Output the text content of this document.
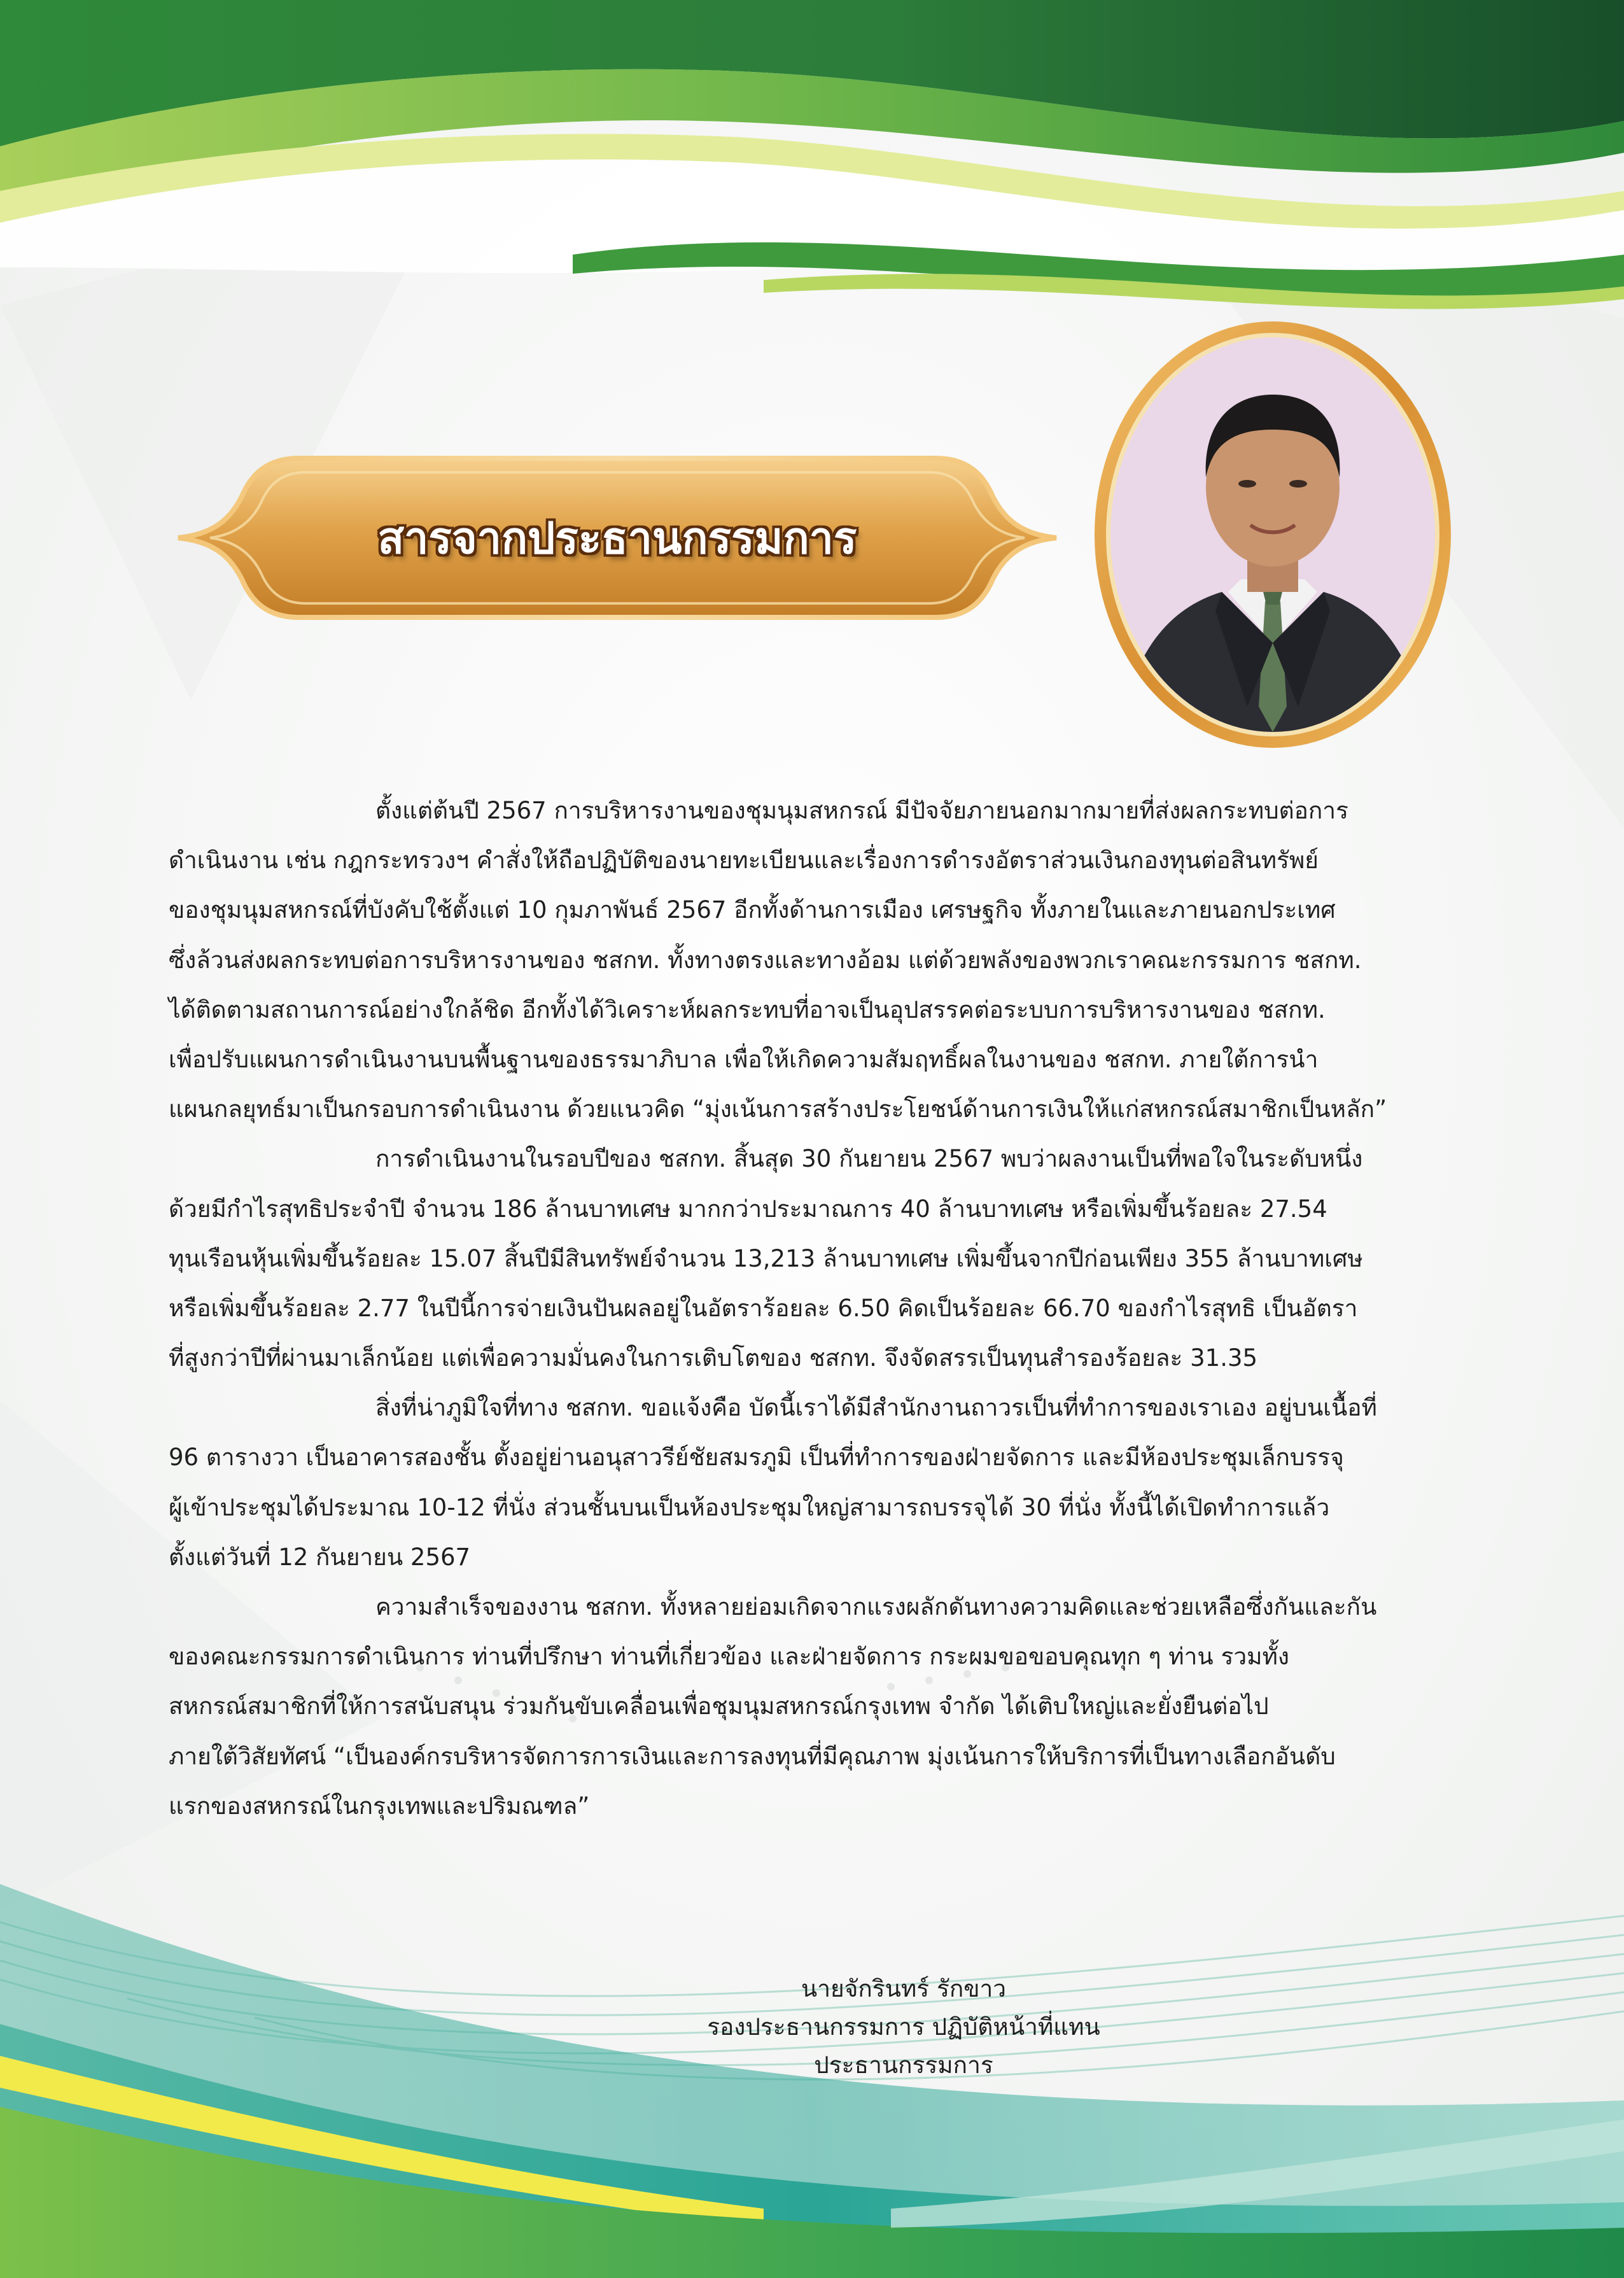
สารจากประธานกรรมการ
ตั้งแต่ต้นปี 2567 การบริหารงานของชุมนุมสหกรณ์ มีปัจจัยภายนอกมากมายที่ส่งผลกระทบต่อการ
ดำเนินงาน เช่น กฎกระทรวงฯ คำสั่งให้ถือปฏิบัติของนายทะเบียนและเรื่องการดำรงอัตราส่วนเงินกองทุนต่อสินทรัพย์
ของชุมนุมสหกรณ์ที่บังคับใช้ตั้งแต่ 10 กุมภาพันธ์ 2567 อีกทั้งด้านการเมือง เศรษฐกิจ ทั้งภายในและภายนอกประเทศ
ซึ่งล้วนส่งผลกระทบต่อการบริหารงานของ ชสกท. ทั้งทางตรงและทางอ้อม แต่ด้วยพลังของพวกเราคณะกรรมการ ชสกท.
ได้ติดตามสถานการณ์อย่างใกล้ชิด อีกทั้งได้วิเคราะห์ผลกระทบที่อาจเป็นอุปสรรคต่อระบบการบริหารงานของ ชสกท.
เพื่อปรับแผนการดำเนินงานบนพื้นฐานของธรรมาภิบาล เพื่อให้เกิดความสัมฤทธิ์ผลในงานของ ชสกท. ภายใต้การนำ
แผนกลยุทธ์มาเป็นกรอบการดำเนินงาน ด้วยแนวคิด “มุ่งเน้นการสร้างประโยชน์ด้านการเงินให้แก่สหกรณ์สมาชิกเป็นหลัก”
การดำเนินงานในรอบปีของ ชสกท. สิ้นสุด 30 กันยายน 2567 พบว่าผลงานเป็นที่พอใจในระดับหนึ่ง
ด้วยมีกำไรสุทธิประจำปี จำนวน 186 ล้านบาทเศษ มากกว่าประมาณการ 40 ล้านบาทเศษ หรือเพิ่มขึ้นร้อยละ 27.54
ทุนเรือนหุ้นเพิ่มขึ้นร้อยละ 15.07 สิ้นปีมีสินทรัพย์จำนวน 13,213 ล้านบาทเศษ เพิ่มขึ้นจากปีก่อนเพียง 355 ล้านบาทเศษ
หรือเพิ่มขึ้นร้อยละ 2.77 ในปีนี้การจ่ายเงินปันผลอยู่ในอัตราร้อยละ 6.50 คิดเป็นร้อยละ 66.70 ของกำไรสุทธิ เป็นอัตรา
ที่สูงกว่าปีที่ผ่านมาเล็กน้อย แต่เพื่อความมั่นคงในการเติบโตของ ชสกท. จึงจัดสรรเป็นทุนสำรองร้อยละ 31.35
สิ่งที่น่าภูมิใจที่ทาง ชสกท. ขอแจ้งคือ บัดนี้เราได้มีสำนักงานถาวรเป็นที่ทำการของเราเอง อยู่บนเนื้อที่
96 ตารางวา เป็นอาคารสองชั้น ตั้งอยู่ย่านอนุสาวรีย์ชัยสมรภูมิ เป็นที่ทำการของฝ่ายจัดการ และมีห้องประชุมเล็กบรรจุ
ผู้เข้าประชุมได้ประมาณ 10-12 ที่นั่ง ส่วนชั้นบนเป็นห้องประชุมใหญ่สามารถบรรจุได้ 30 ที่นั่ง ทั้งนี้ได้เปิดทำการแล้ว
ตั้งแต่วันที่ 12 กันยายน 2567
ความสำเร็จของงาน ชสกท. ทั้งหลายย่อมเกิดจากแรงผลักดันทางความคิดและช่วยเหลือซึ่งกันและกัน
ของคณะกรรมการดำเนินการ ท่านที่ปรึกษา ท่านที่เกี่ยวข้อง และฝ่ายจัดการ กระผมขอขอบคุณทุก ๆ ท่าน รวมทั้ง
สหกรณ์สมาชิกที่ให้การสนับสนุน ร่วมกันขับเคลื่อนเพื่อชุมนุมสหกรณ์กรุงเทพ จำกัด ได้เติบใหญ่และยั่งยืนต่อไป
ภายใต้วิสัยทัศน์ “เป็นองค์กรบริหารจัดการการเงินและการลงทุนที่มีคุณภาพ มุ่งเน้นการให้บริการที่เป็นทางเลือกอันดับ
แรกของสหกรณ์ในกรุงเทพและปริมณฑล”
นายจักรินทร์ รักขาว
รองประธานกรรมการ ปฏิบัติหน้าที่แทน
ประธานกรรมการ
